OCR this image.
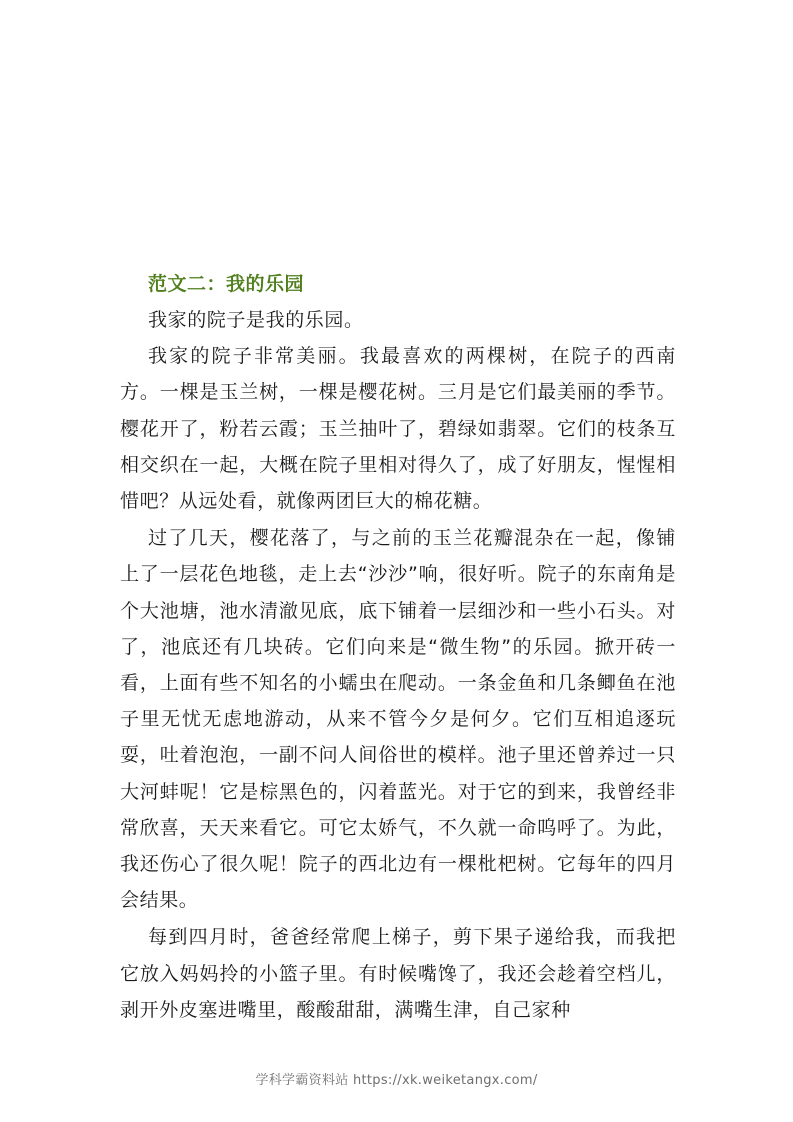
范文二：我的乐园

我家的院子是我的乐园。

我家的院子非常美丽。我最喜欢的两棵树，在院子的西南方。一棵是玉兰树，一棵是樱花树。三月是它们最美丽的季节。樱花开了，粉若云霞；玉兰抽叶了，碧绿如翡翠。它们的枝条互相交织在一起，大概在院子里相对得久了，成了好朋友，惺惺相惜吧？从远处看，就像两团巨大的棉花糖。

过了几天，樱花落了，与之前的玉兰花瓣混杂在一起，像铺上了一层花色地毯，走上去“沙沙”响，很好听。院子的东南角是个大池塘，池水清澈见底，底下铺着一层细沙和一些小石头。对了，池底还有几块砖。它们向来是“微生物”的乐园。掀开砖一看，上面有些不知名的小蠕虫在爬动。一条金鱼和几条鲫鱼在池子里无忧无虑地游动，从来不管今夕是何夕。它们互相追逐玩耍，吐着泡泡，一副不问人间俗世的模样。池子里还曾养过一只大河蚌呢！它是棕黑色的，闪着蓝光。对于它的到来，我曾经非常欣喜，天天来看它。可它太娇气，不久就一命呜呼了。为此，我还伤心了很久呢！院子的西北边有一棵枇杷树。它每年的四月会结果。

每到四月时，爸爸经常爬上梯子，剪下果子递给我，而我把它放入妈妈拎的小篮子里。有时候嘴馋了，我还会趁着空档儿，剥开外皮塞进嘴里，酸酸甜甜，满嘴生津，自己家种

学科学霸资料站 https://xk.weiketangx.com/
